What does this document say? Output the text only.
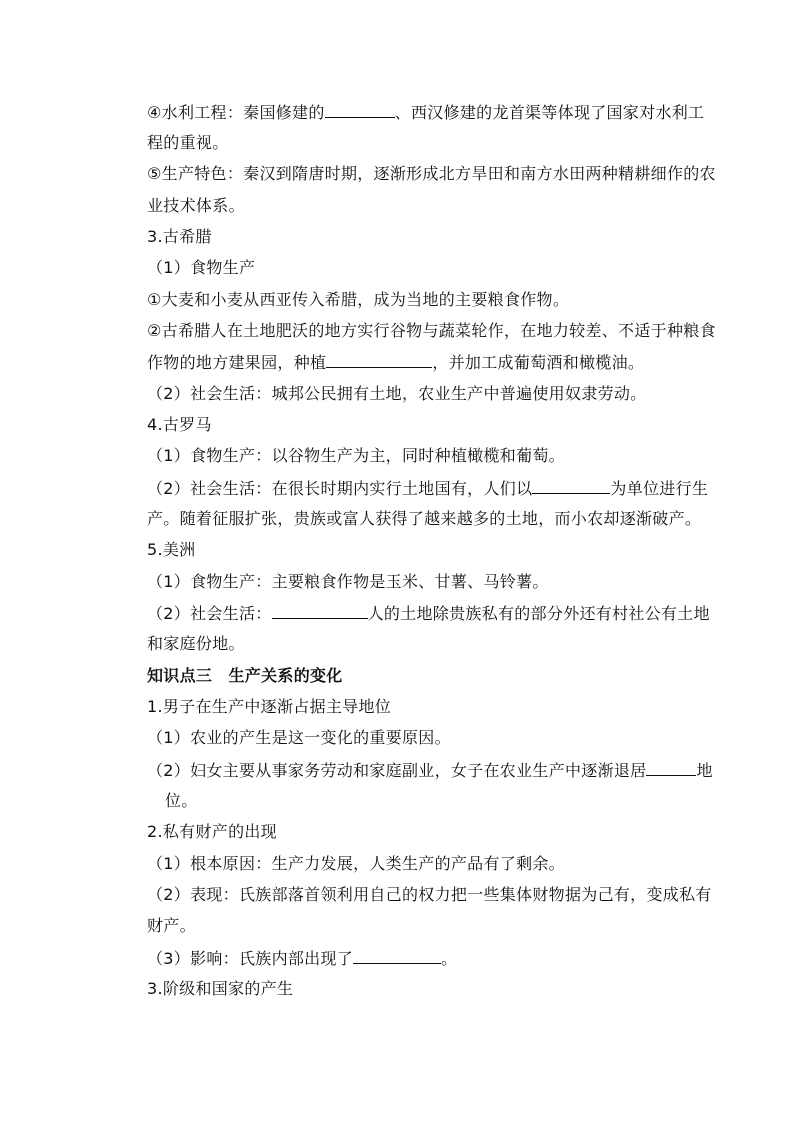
④水利工程：秦国修建的	、西汉修建的龙首渠等体现了国家对水利工

程的重视。

⑤生产特色：秦汉到隋唐时期，逐渐形成北方旱田和南方水田两种精耕细作的农

业技术体系。

3.古希腊

（1）食物生产

①大麦和小麦从西亚传入希腊，成为当地的主要粮食作物。

②古希腊人在土地肥沃的地方实行谷物与蔬菜轮作，在地力较差、不适于种粮食

作物的地方建果园，种植	，并加工成葡萄酒和橄榄油。

（2）社会生活：城邦公民拥有土地，农业生产中普遍使用奴隶劳动。

4.古罗马

（1）食物生产：以谷物生产为主，同时种植橄榄和葡萄。

（2）社会生活：在很长时期内实行土地国有，人们以	为单位进行生

产。随着征服扩张，贵族或富人获得了越来越多的土地，而小农却逐渐破产。

5.美洲

（1）食物生产：主要粮食作物是玉米、甘薯、马铃薯。

（2）社会生活：	人的土地除贵族私有的部分外还有村社公有土地

和家庭份地。

知识点三　生产关系的变化

1.男子在生产中逐渐占据主导地位

（1）农业的产生是这一变化的重要原因。

（2）妇女主要从事家务劳动和家庭副业，女子在农业生产中逐渐退居	地

位。

2.私有财产的出现

（1）根本原因：生产力发展，人类生产的产品有了剩余。

（2）表现：氏族部落首领利用自己的权力把一些集体财物据为己有，变成私有

财产。

（3）影响：氏族内部出现了	。

3.阶级和国家的产生
